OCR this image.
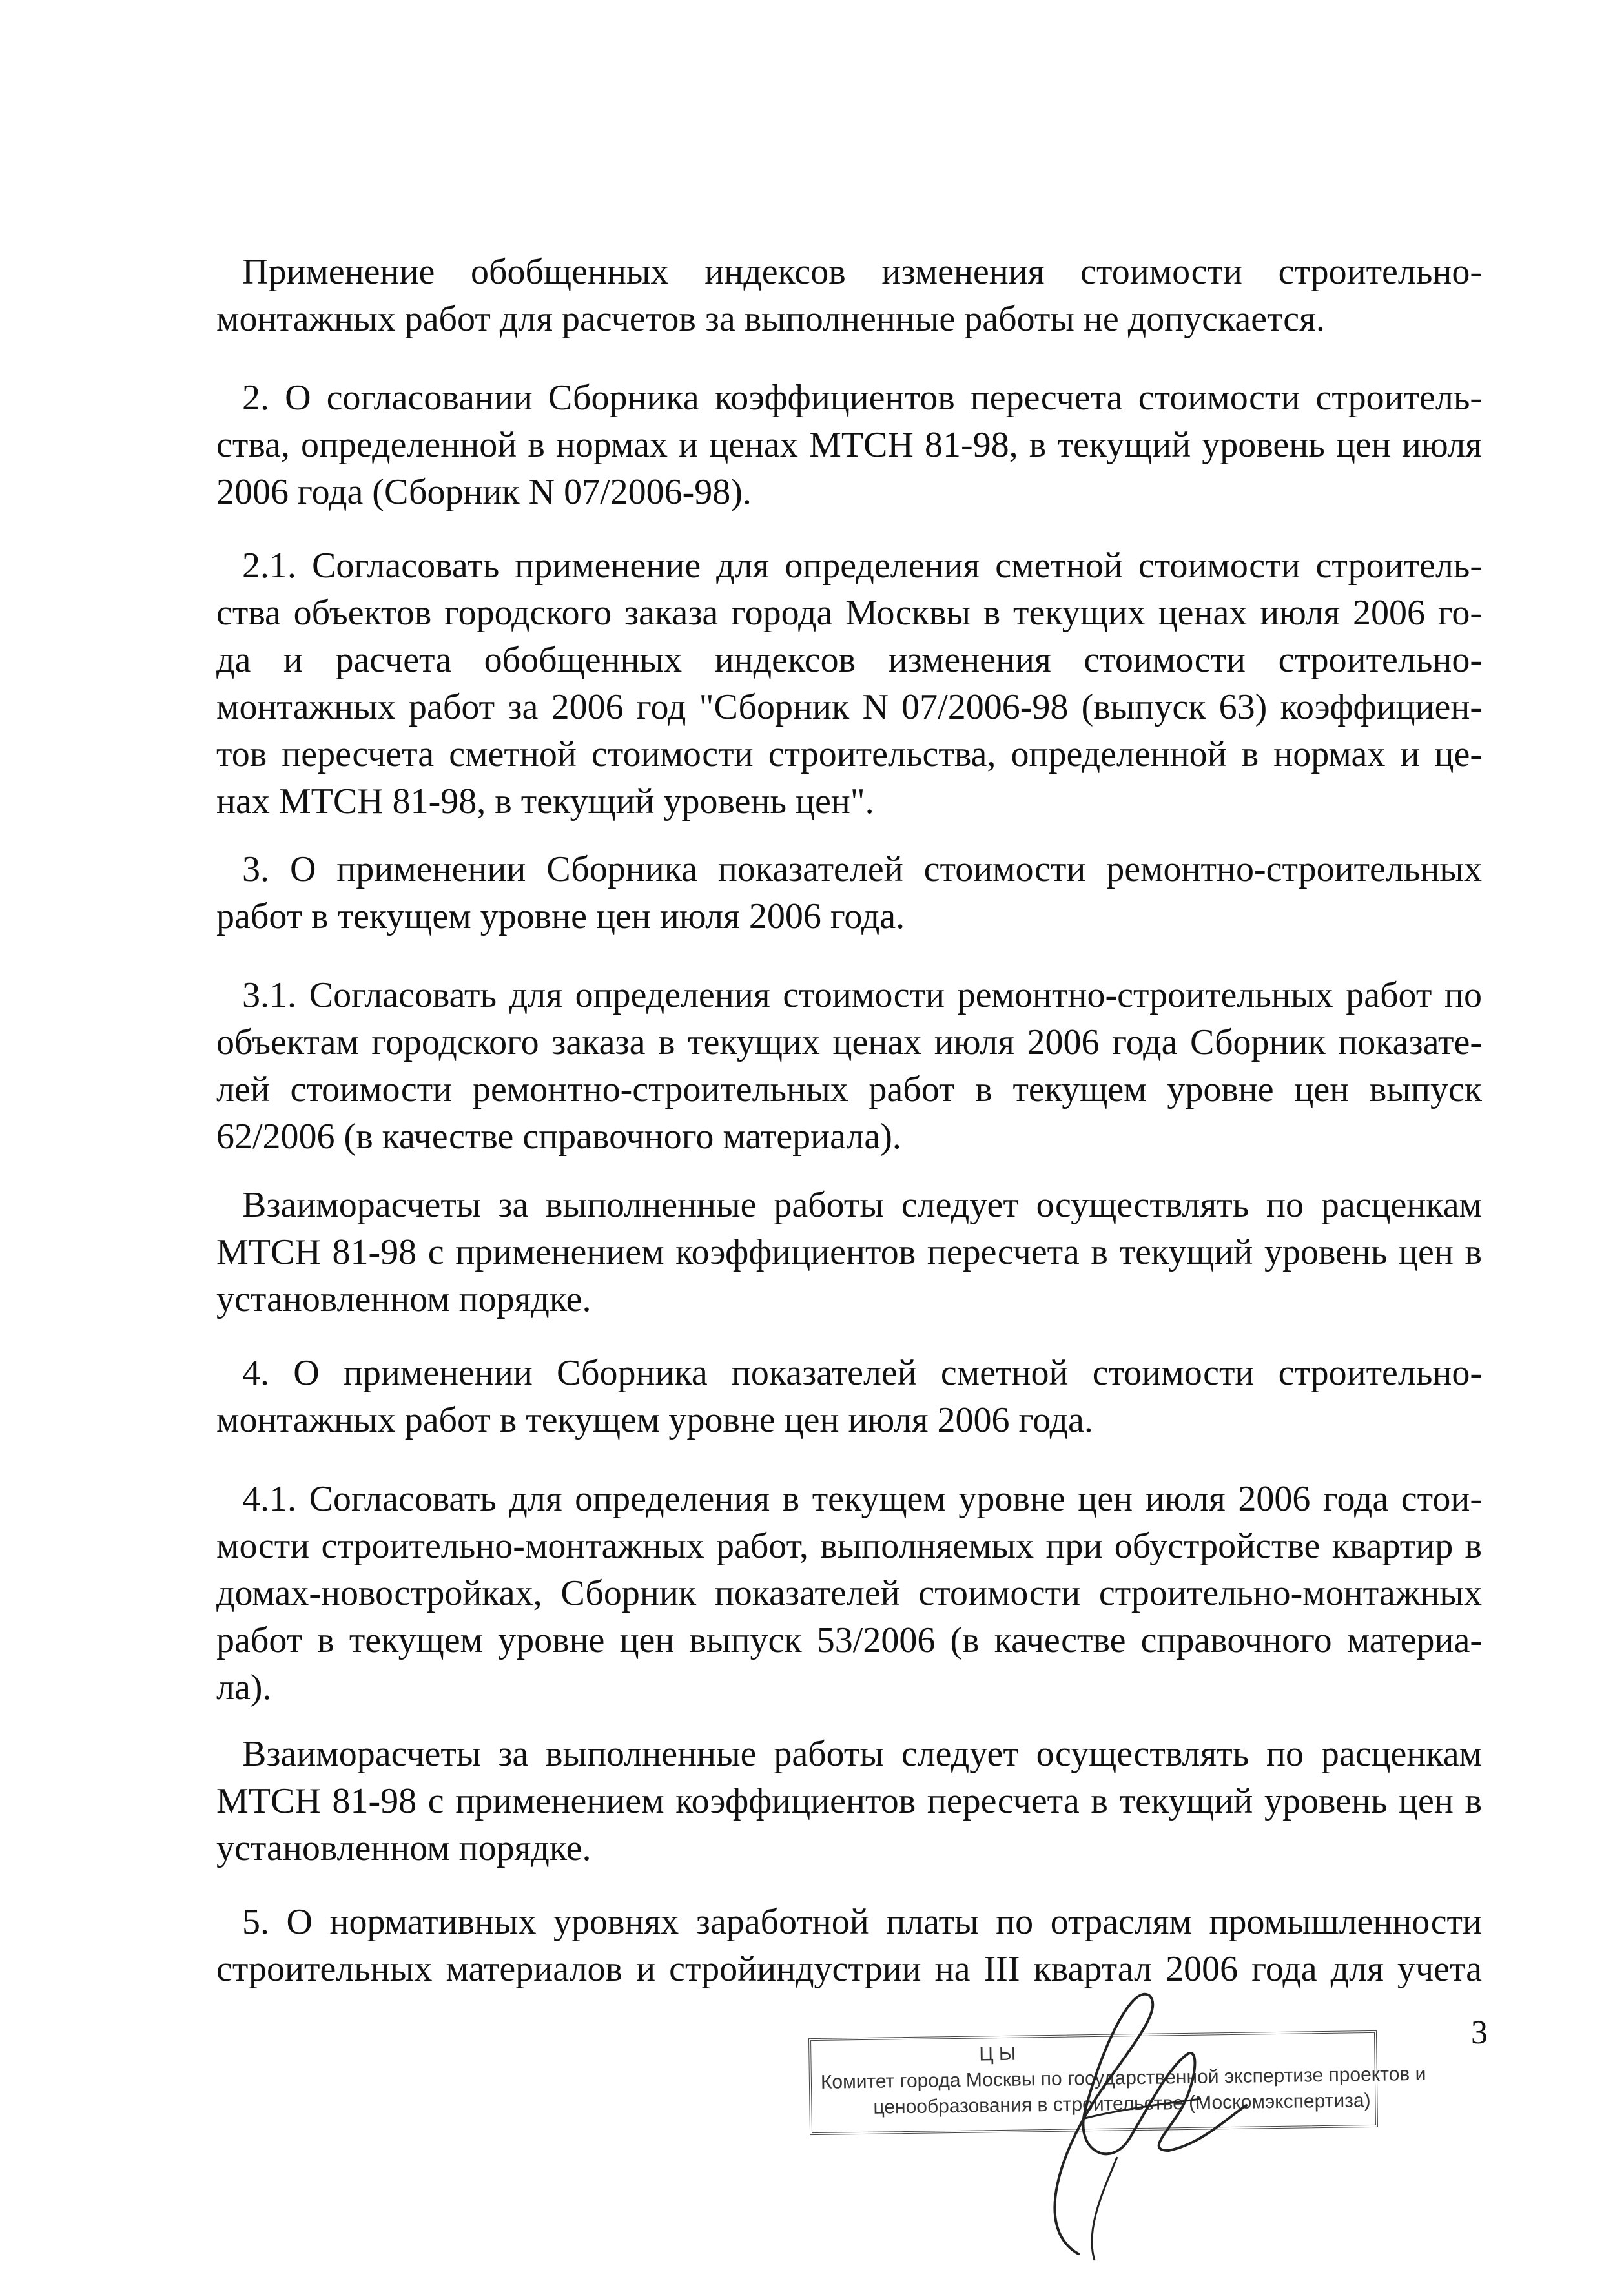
Применение обобщенных индексов изменения стоимости строительно-
монтажных работ для расчетов за выполненные работы не допускается.

2. О согласовании Сборника коэффициентов пересчета стоимости строитель-
ства, определенной в нормах и ценах МТСН 81-98, в текущий уровень цен июля
2006 года (Сборник N 07/2006-98).

2.1. Согласовать применение для определения сметной стоимости строитель-
ства объектов городского заказа города Москвы в текущих ценах июля 2006 го-
да и расчета обобщенных индексов изменения стоимости строительно-
монтажных работ за 2006 год "Сборник N 07/2006-98 (выпуск 63) коэффициен-
тов пересчета сметной стоимости строительства, определенной в нормах и це-
нах МТСН 81-98, в текущий уровень цен".

3. О применении Сборника показателей стоимости ремонтно-строительных
работ в текущем уровне цен июля 2006 года.

3.1. Согласовать для определения стоимости ремонтно-строительных работ по
объектам городского заказа в текущих ценах июля 2006 года Сборник показате-
лей стоимости ремонтно-строительных работ в текущем уровне цен выпуск
62/2006 (в качестве справочного материала).

Взаиморасчеты за выполненные работы следует осуществлять по расценкам
МТСН 81-98 с применением коэффициентов пересчета в текущий уровень цен в
установленном порядке.

4. О применении Сборника показателей сметной стоимости строительно-
монтажных работ в текущем уровне цен июля 2006 года.

4.1. Согласовать для определения в текущем уровне цен июля 2006 года стои-
мости строительно-монтажных работ, выполняемых при обустройстве квартир в
домах-новостройках, Сборник показателей стоимости строительно-монтажных
работ в текущем уровне цен выпуск 53/2006 (в качестве справочного материа-
ла).

Взаиморасчеты за выполненные работы следует осуществлять по расценкам
МТСН 81-98 с применением коэффициентов пересчета в текущий уровень цен в
установленном порядке.

5. О нормативных уровнях заработной платы по отраслям промышленности
строительных материалов и стройиндустрии на III квартал 2006 года для учета

3
Ц Ы
Комитет города Москвы по государственной экспертизе проектов и
ценообразования в строительстве (Москомэкспертиза)
